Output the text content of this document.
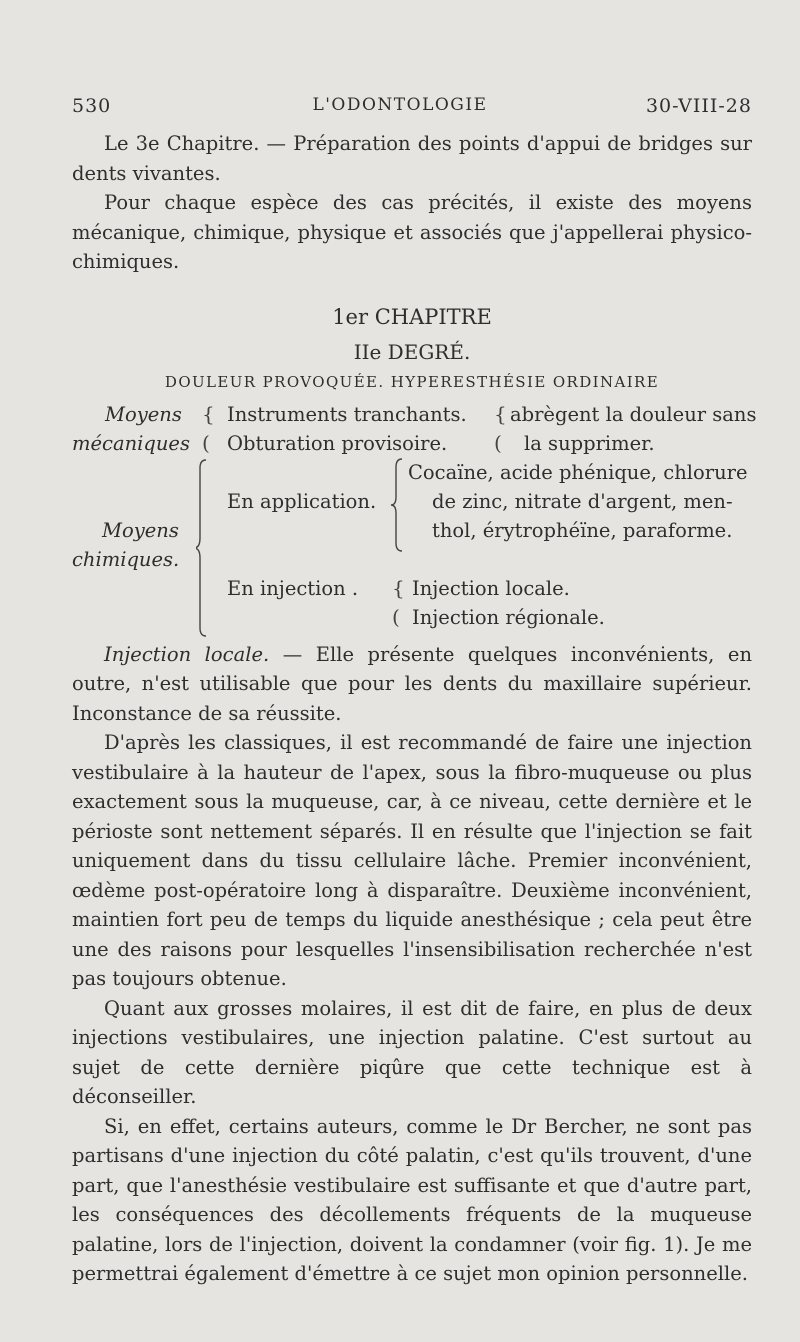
530	L'ODONTOLOGIE	30-VIII-28

Le 3e Chapitre. — Préparation des points d'appui de bridges sur dents vivantes.

Pour chaque espèce des cas précités, il existe des moyens mécanique, chimique, physique et associés que j'appellerai physico-chimiques.

1er CHAPITRE
IIe DEGRÉ.
DOULEUR PROVOQUÉE. HYPERESTHÉSIE ORDINAIRE
Moyens
mécaniques
{
(
Instruments tranchants.
Obturation provisoire.
{
(
abrègent la douleur sans
la supprimer.
Moyens
chimiques.
En application.
Cocaïne, acide phénique, chlorure
de zinc, nitrate d'argent, men-
thol, érytrophéïne, paraforme.
En injection . {
(
Injection locale.
Injection régionale.

Injection locale. — Elle présente quelques inconvénients, en outre, n'est utilisable que pour les dents du maxillaire supérieur. Inconstance de sa réussite.

D'après les classiques, il est recommandé de faire une injection vestibulaire à la hauteur de l'apex, sous la fibro-muqueuse ou plus exactement sous la muqueuse, car, à ce niveau, cette dernière et le périoste sont nettement séparés. Il en résulte que l'injection se fait uniquement dans du tissu cellulaire lâche. Premier inconvénient, œdème post-opératoire long à disparaître. Deuxième inconvénient, maintien fort peu de temps du liquide anesthésique ; cela peut être une des raisons pour lesquelles l'insensibilisation recherchée n'est pas toujours obtenue.

Quant aux grosses molaires, il est dit de faire, en plus de deux injections vestibulaires, une injection palatine. C'est surtout au sujet de cette dernière piqûre que cette technique est à déconseiller.

Si, en effet, certains auteurs, comme le Dr Bercher, ne sont pas partisans d'une injection du côté palatin, c'est qu'ils trouvent, d'une part, que l'anesthésie vestibulaire est suffisante et que d'autre part, les conséquences des décollements fréquents de la muqueuse palatine, lors de l'injection, doivent la condamner (voir fig. 1). Je me permettrai également d'émettre à ce sujet mon opinion personnelle.
